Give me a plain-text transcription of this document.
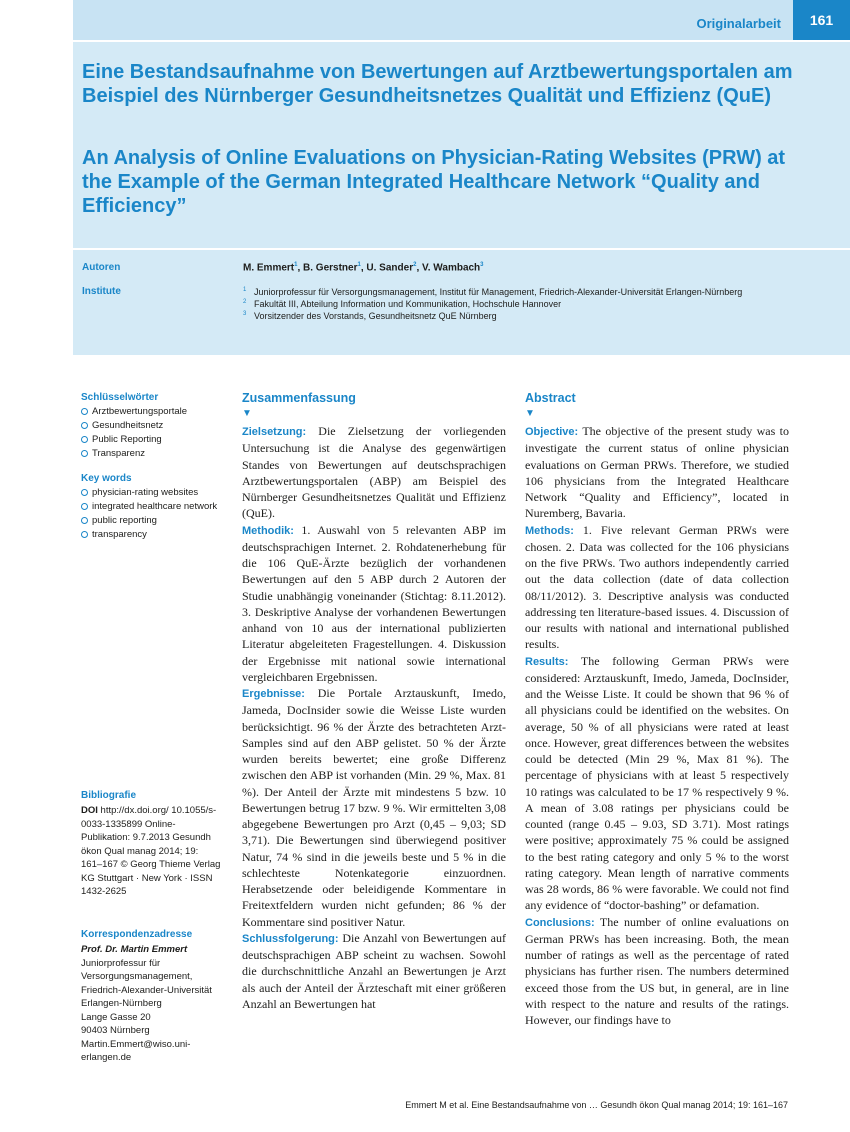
Originalarbeit	161
Eine Bestandsaufnahme von Bewertungen auf Arztbewertungsportalen am Beispiel des Nürnberger Gesundheitsnetzes Qualität und Effizienz (QuE)
An Analysis of Online Evaluations on Physician-Rating Websites (PRW) at the Example of the German Integrated Healthcare Network “Quality and Efficiency”
Autoren	M. Emmert$^1$, B. Gerstner$^1$, U. Sander$^2$, V. Wambach$^3$
Institute	1 Juniorprofessur für Versorgungsmanagement, Institut für Management, Friedrich-Alexander-Universität Erlangen-Nürnberg
2 Fakultät III, Abteilung Information und Kommunikation, Hochschule Hannover
3 Vorsitzender des Vorstands, Gesundheitsnetz QuE Nürnberg
Schlüsselwörter
Arztbewertungsportale
Gesundheitsnetz
Public Reporting
Transparenz
Key words
physician-rating websites
integrated healthcare network
public reporting
transparency
Bibliografie
DOI http://dx.doi.org/ 10.1055/s-0033-1335899 Online-Publikation: 9.7.2013 Gesundh ökon Qual manag 2014; 19: 161–167 © Georg Thieme Verlag KG Stuttgart · New York · ISSN 1432-2625
Korrespondenzadresse
Prof. Dr. Martin Emmert
Juniorprofessur für
Versorgungsmanagement,
Friedrich-Alexander-Universität
Erlangen-Nürnberg
Lange Gasse 20
90403 Nürnberg
Martin.Emmert@wiso.uni-
erlangen.de
Zusammenfassung
▼

Zielsetzung: Die Zielsetzung der vorliegenden Untersuchung ist die Analyse des gegenwärtigen Standes von Bewertungen auf deutschsprachigen Arztbewertungsportalen (ABP) am Beispiel des Nürnberger Gesundheitsnetzes Qualität und Effizienz (QuE).

Methodik: 1. Auswahl von 5 relevanten ABP im deutschsprachigen Internet. 2. Rohdatenerhebung für die 106 QuE-Ärzte bezüglich der vorhandenen Bewertungen auf den 5 ABP durch 2 Autoren der Studie unabhängig voneinander (Stichtag: 8.11.2012). 3. Deskriptive Analyse der vorhandenen Bewertungen anhand von 10 aus der international publizierten Literatur abgeleiteten Fragestellungen. 4. Diskussion der Ergebnisse mit national sowie international vergleichbaren Ergebnissen.

Ergebnisse: Die Portale Arztauskunft, Imedo, Jameda, DocInsider sowie die Weisse Liste wurden berücksichtigt. 96 % der Ärzte des betrachteten Arzt-Samples sind auf den ABP gelistet. 50 % der Ärzte wurden bereits bewertet; eine große Differenz zwischen den ABP ist vorhanden (Min. 29 %, Max. 81 %). Der Anteil der Ärzte mit mindestens 5 bzw. 10 Bewertungen betrug 17 bzw. 9 %. Wir ermittelten 3,08 abgegebene Bewertungen pro Arzt (0,45 – 9,03; SD 3,71). Die Bewertungen sind überwiegend positiver Natur, 74 % sind in die jeweils beste und 5 % in die schlechteste Notenkategorie einzuordnen. Herabsetzende oder beleidigende Kommentare in Freitextfeldern wurden nicht gefunden; 86 % der Kommentare sind positiver Natur.

Schlussfolgerung: Die Anzahl von Bewertungen auf deutschsprachigen ABP scheint zu wachsen. Sowohl die durchschnittliche Anzahl an Bewertungen je Arzt als auch der Anteil der Ärzteschaft mit einer größeren Anzahl an Bewertungen hat

Abstract
▼

Objective: The objective of the present study was to investigate the current status of online physician evaluations on German PRWs. Therefore, we studied 106 physicians from the Integrated Healthcare Network “Quality and Efficiency”, located in Nuremberg, Bavaria.

Methods: 1. Five relevant German PRWs were chosen. 2. Data was collected for the 106 physicians on the five PRWs. Two authors independently carried out the data collection (date of data collection 08/11/2012). 3. Descriptive analysis was conducted addressing ten literature-based issues. 4. Discussion of our results with national and international published results.

Results: The following German PRWs were considered: Arztauskunft, Imedo, Jameda, DocInsider, and the Weisse Liste. It could be shown that 96 % of all physicians could be identified on the websites. On average, 50 % of all physicians were rated at least once. However, great differences between the websites could be detected (Min 29 %, Max 81 %). The percentage of physicians with at least 5 respectively 10 ratings was calculated to be 17 % respectively 9 %. A mean of 3.08 ratings per physicians could be counted (range 0.45 – 9.03, SD 3.71). Most ratings were positive; approximately 75 % could be assigned to the best rating category and only 5 % to the worst rating category. Mean length of narrative comments was 28 words, 86 % were favorable. We could not find any evidence of “doctor-bashing” or defamation.

Conclusions: The number of online evaluations on German PRWs has been increasing. Both, the mean number of ratings as well as the percentage of rated physicians has further risen. The numbers determined exceed those from the US but, in general, are in line with respect to the nature and results of the ratings. However, our findings have to

Emmert M et al. Eine Bestandsaufnahme von … Gesundh ökon Qual manag 2014; 19: 161–167
